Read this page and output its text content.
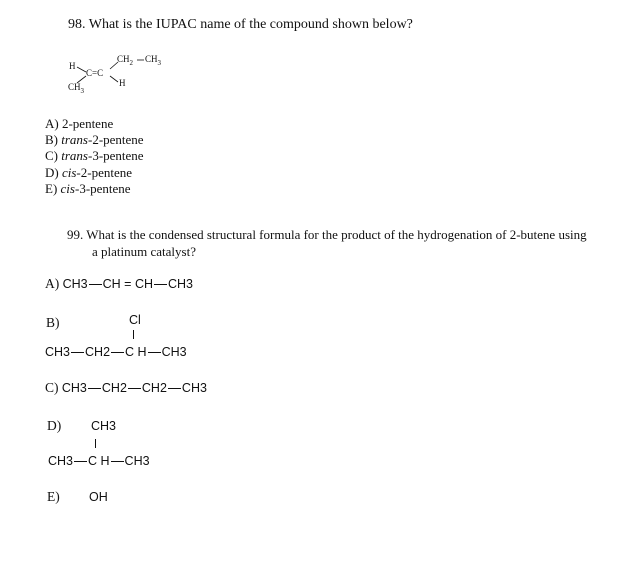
98. What is the IUPAC name of the compound shown below?
H
$CH_3$
C=C
$CH_2$ $CH_3$
H
A) 2-pentene
B) trans-2-pentene
C) trans-3-pentene
D) cis-2-pentene
E) cis-3-pentene
99. What is the condensed structural formula for the product of the hydrogenation of 2-butene using a platinum catalyst?
A) CH3 CH = CH CH3
B)	Cl
CH3 CH2 C H CH3
C) CH3 CH2 CH2 CH3
D) CH3
CH3 C H CH3
E) OH
